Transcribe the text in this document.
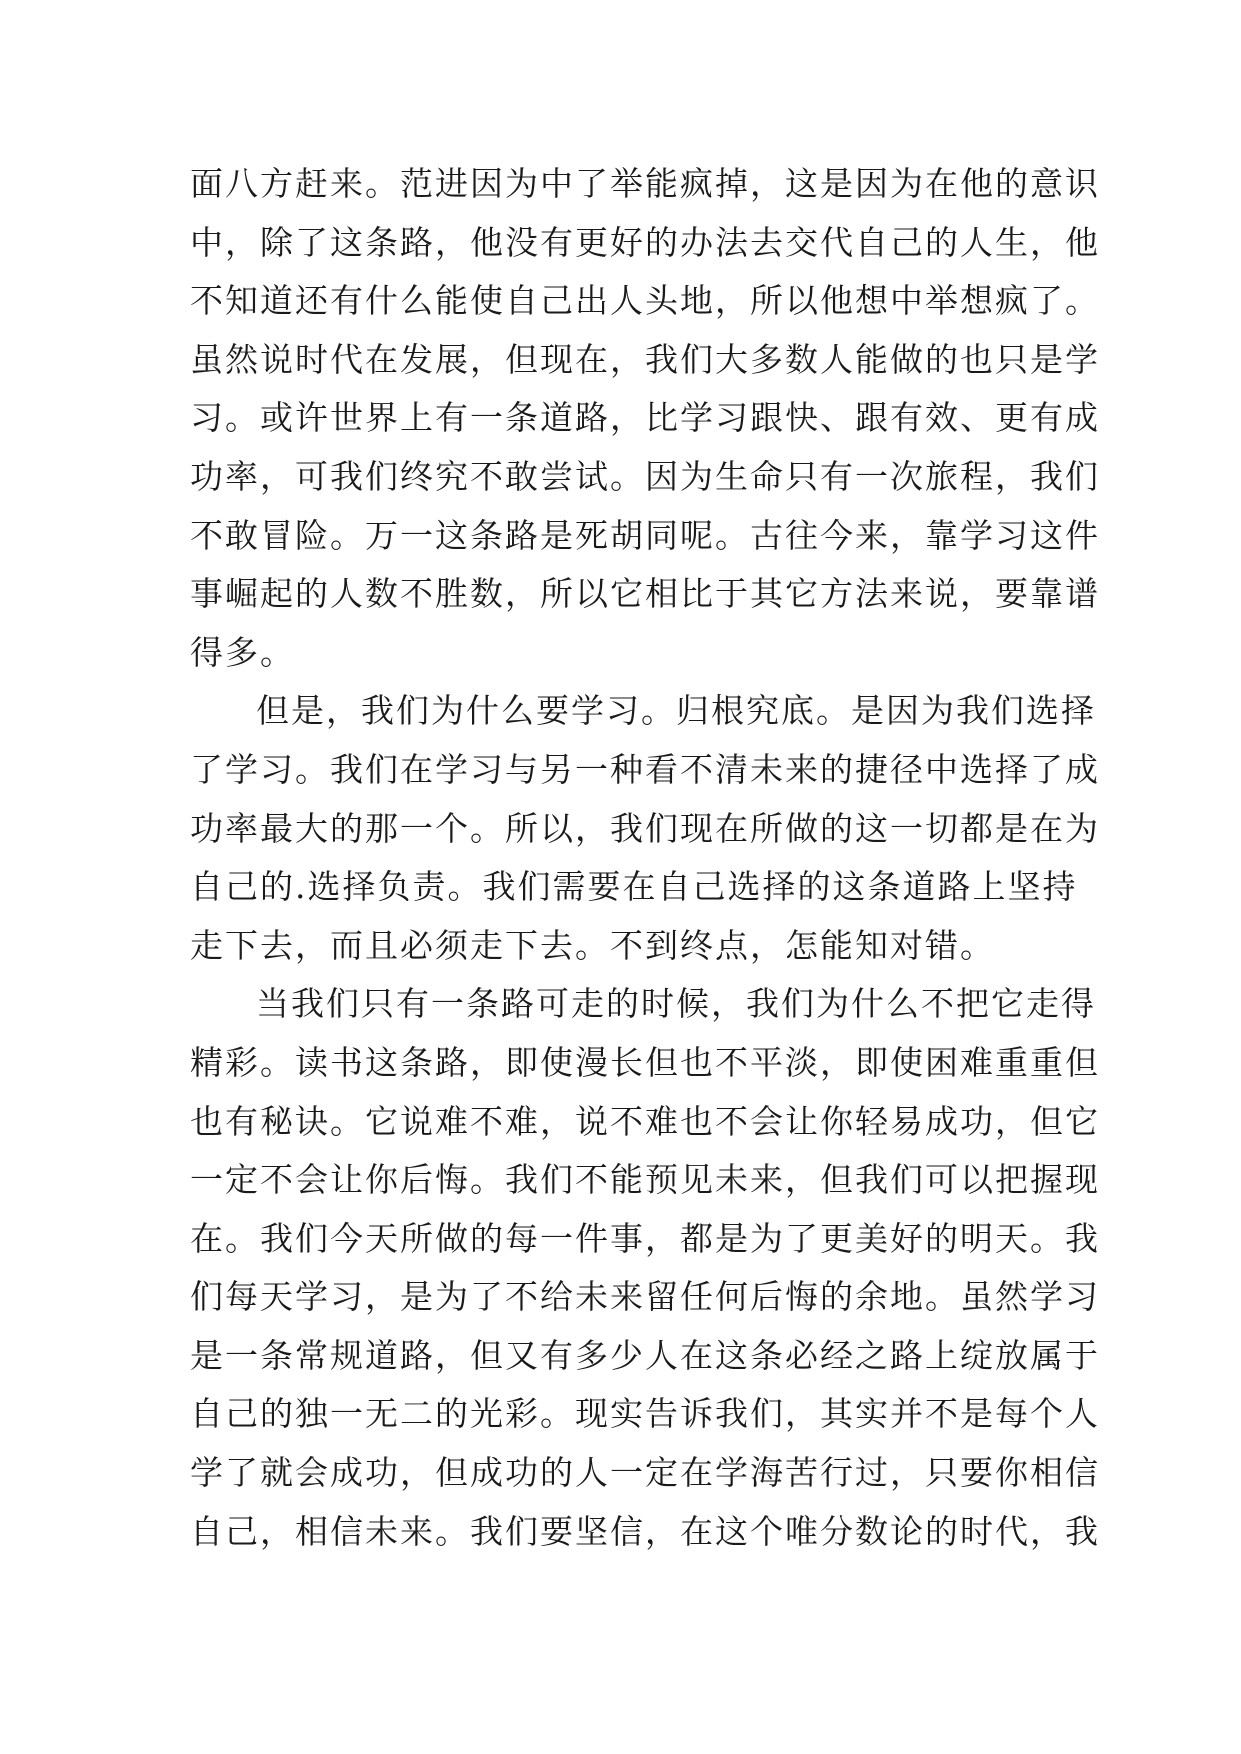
面八方赶来。范进因为中了举能疯掉，这是因为在他的意识
中，除了这条路，他没有更好的办法去交代自己的人生，他
不知道还有什么能使自己出人头地，所以他想中举想疯了。
虽然说时代在发展，但现在，我们大多数人能做的也只是学
习。或许世界上有一条道路，比学习跟快、跟有效、更有成
功率，可我们终究不敢尝试。因为生命只有一次旅程，我们
不敢冒险。万一这条路是死胡同呢。古往今来，靠学习这件
事崛起的人数不胜数，所以它相比于其它方法来说，要靠谱
得多。
但是，我们为什么要学习。归根究底。是因为我们选择
了学习。我们在学习与另一种看不清未来的捷径中选择了成
功率最大的那一个。所以，我们现在所做的这一切都是在为
自己的.选择负责。我们需要在自己选择的这条道路上坚持
走下去，而且必须走下去。不到终点，怎能知对错。
当我们只有一条路可走的时候，我们为什么不把它走得
精彩。读书这条路，即使漫长但也不平淡，即使困难重重但
也有秘诀。它说难不难，说不难也不会让你轻易成功，但它
一定不会让你后悔。我们不能预见未来，但我们可以把握现
在。我们今天所做的每一件事，都是为了更美好的明天。我
们每天学习，是为了不给未来留任何后悔的余地。虽然学习
是一条常规道路，但又有多少人在这条必经之路上绽放属于
自己的独一无二的光彩。现实告诉我们，其实并不是每个人
学了就会成功，但成功的人一定在学海苦行过，只要你相信
自己，相信未来。我们要坚信，在这个唯分数论的时代，我
